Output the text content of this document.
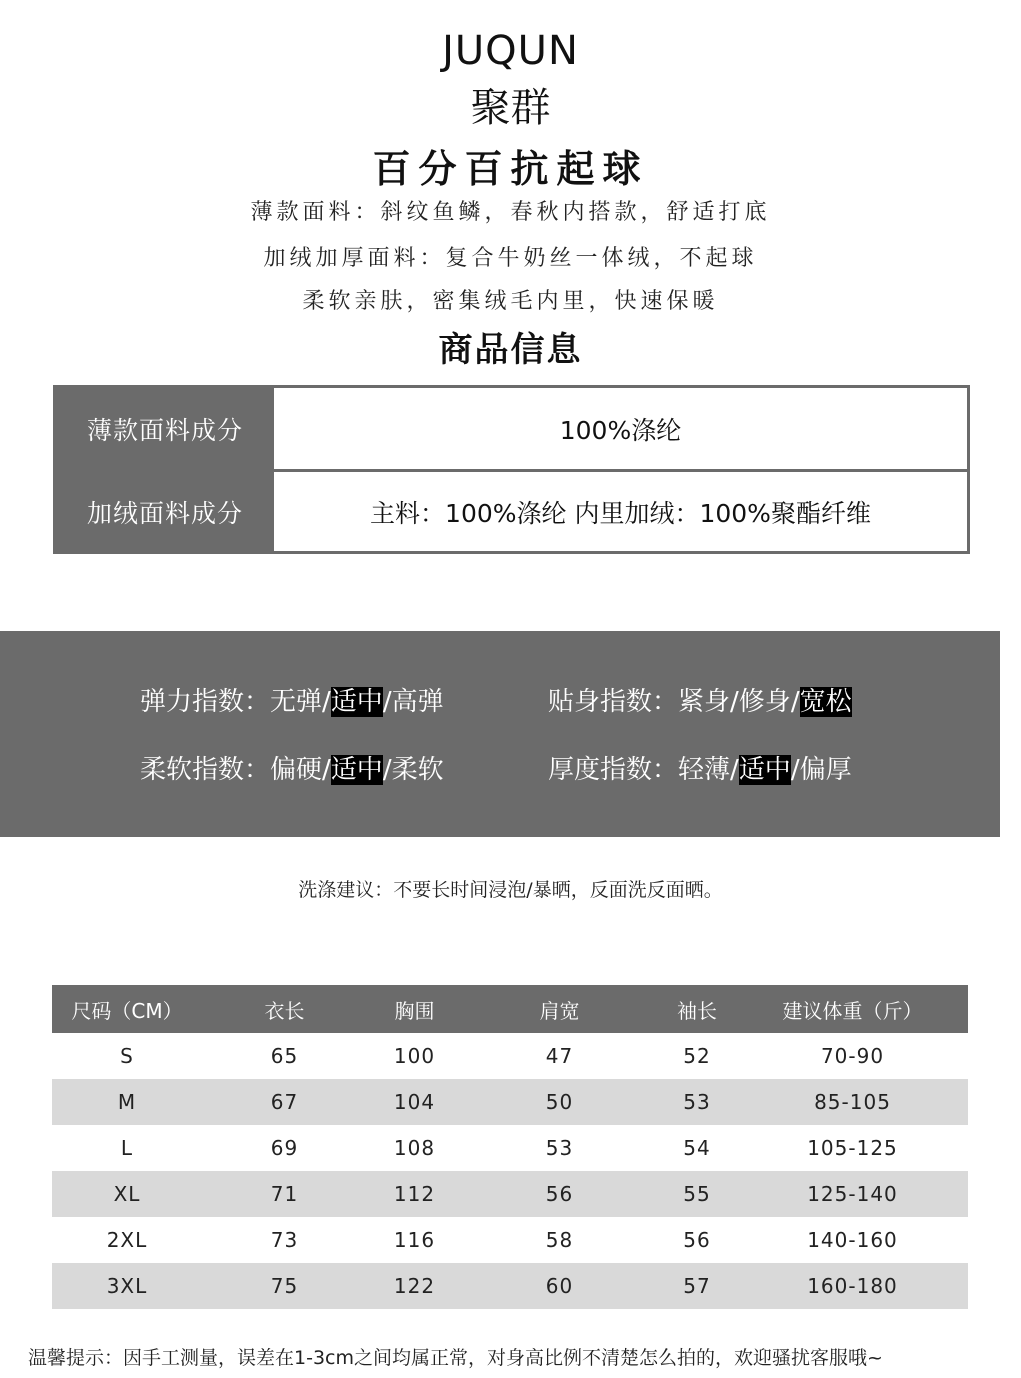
JUQUN
聚群
百分百抗起球
薄款面料：斜纹鱼鳞，春秋内搭款，舒适打底
加绒加厚面料：复合牛奶丝一体绒，不起球
柔软亲肤，密集绒毛内里，快速保暖
商品信息
薄款面料成分	100%涤纶
加绒面料成分	主料：100%涤纶 内里加绒：100%聚酯纤维
弹力指数：无弹/适中/高弹	贴身指数：紧身/修身/宽松
柔软指数：偏硬/适中/柔软	厚度指数：轻薄/适中/偏厚
洗涤建议：不要长时间浸泡/暴晒，反面洗反面晒。
尺码（CM）	衣长	胸围	肩宽	袖长	建议体重（斤）
S	65	100	47	52	70-90
M	67	104	50	53	85-105
L	69	108	53	54	105-125
XL	71	112	56	55	125-140
2XL	73	116	58	56	140-160
3XL	75	122	60	57	160-180
温馨提示：因手工测量，误差在1-3cm之间均属正常，对身高比例不清楚怎么拍的，欢迎骚扰客服哦~
